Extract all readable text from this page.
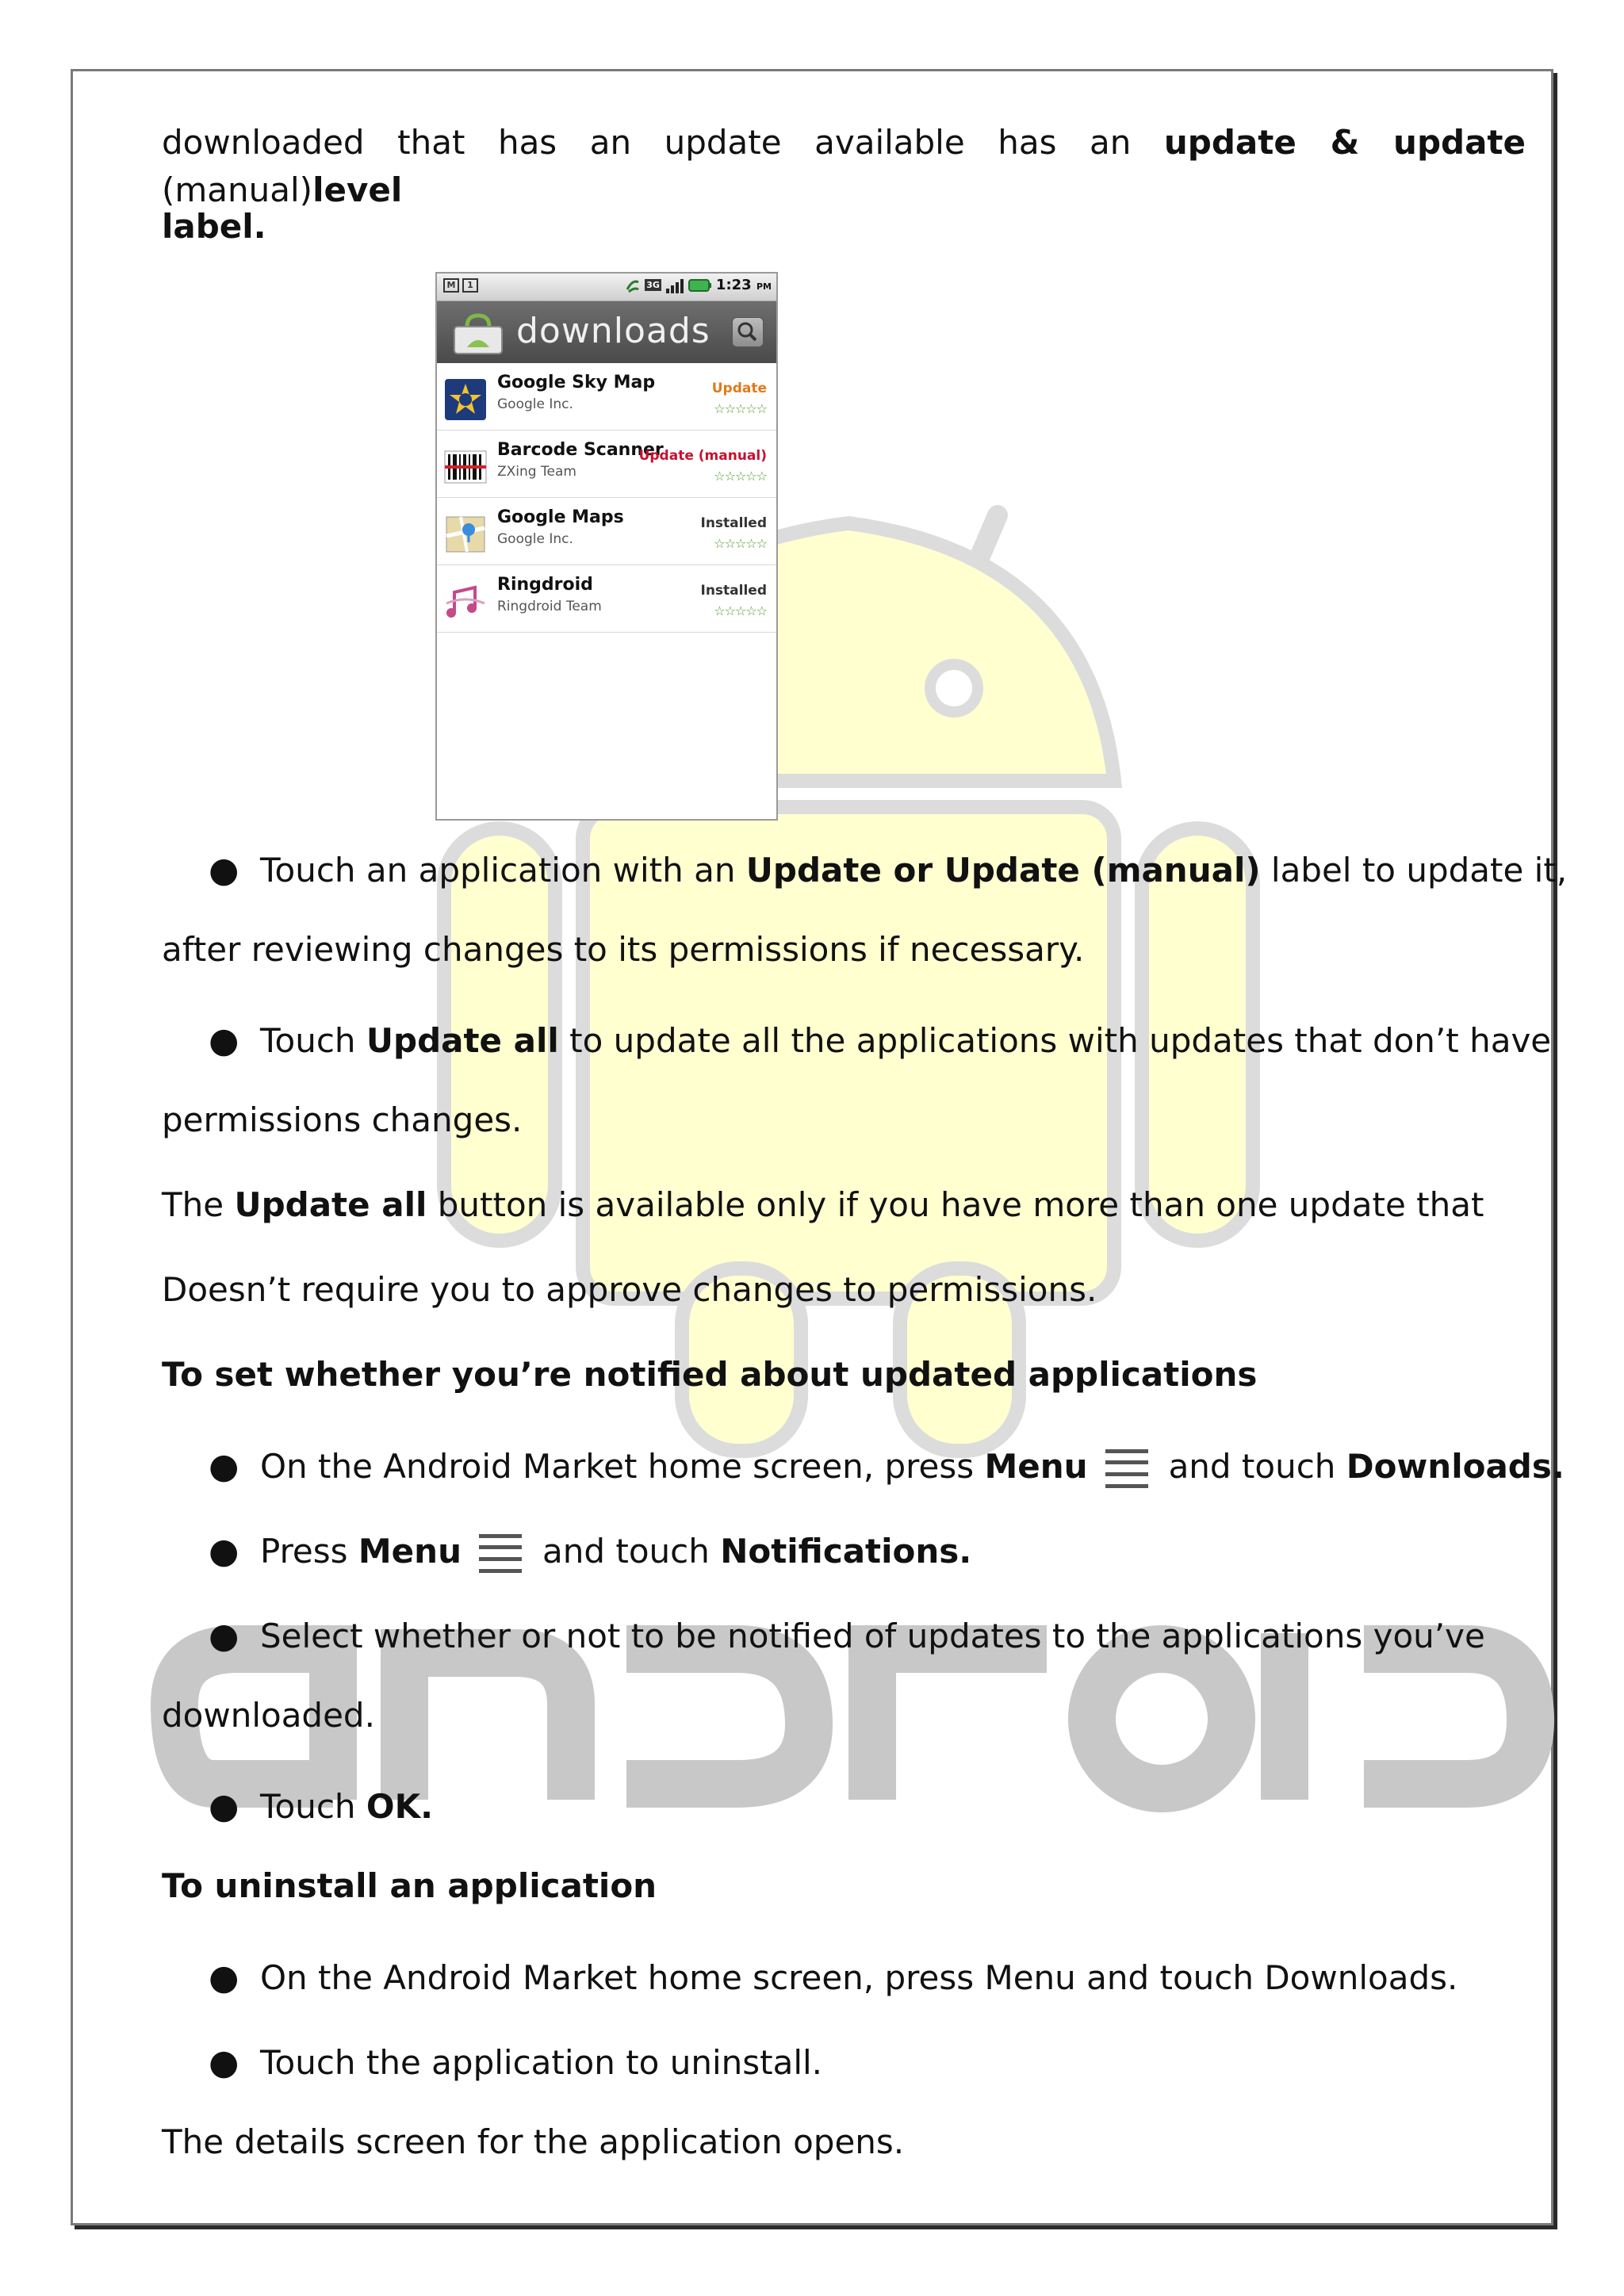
M	1	3G	1:23 PM
downloads
Google Sky Map
Google Inc.
Update
☆☆☆☆☆
Barcode Scanner
ZXing Team
Update (manual)
☆☆☆☆☆
Google Maps
Google Inc.
Installed
☆☆☆☆☆
Ringdroid
Ringdroid Team
Installed
☆☆☆☆☆
downloaded that has an update available has an update & update (manual)level
label.
● Touch an application with an Update or Update (manual) label to update it,
after reviewing changes to its permissions if necessary.
● Touch Update all to update all the applications with updates that don’t have
permissions changes.
The Update all button is available only if you have more than one update that
Doesn’t require you to approve changes to permissions.
To set whether you’re notified about updated applications
● On the Android Market home screen, press Menu and touch Downloads.
● Press Menu and touch Notifications.
● Select whether or not to be notified of updates to the applications you’ve
downloaded.
● Touch OK.
To uninstall an application
● On the Android Market home screen, press Menu and touch Downloads.
● Touch the application to uninstall.
The details screen for the application opens.
